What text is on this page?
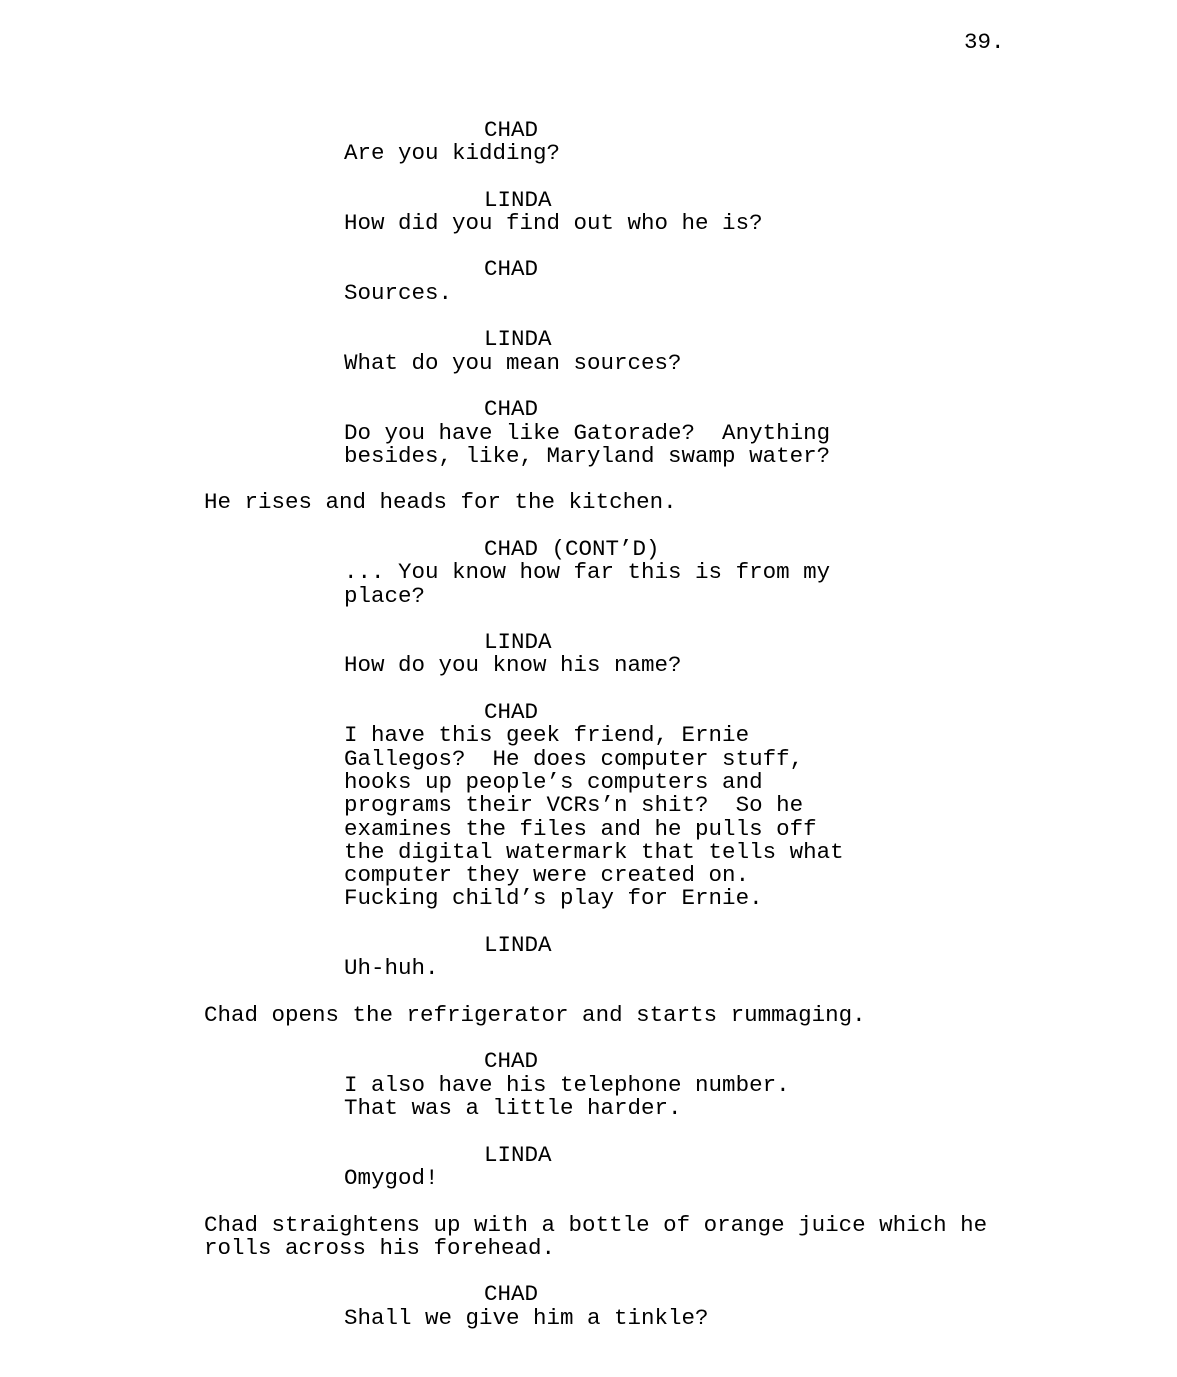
39.
CHAD
Are you kidding?
LINDA
How did you find out who he is?
CHAD
Sources.
LINDA
What do you mean sources?
CHAD
Do you have like Gatorade?  Anything
besides, like, Maryland swamp water?
He rises and heads for the kitchen.
CHAD (CONT’D)
... You know how far this is from my
place?
LINDA
How do you know his name?
CHAD
I have this geek friend, Ernie
Gallegos?  He does computer stuff,
hooks up people’s computers and
programs their VCRs’n shit?  So he
examines the files and he pulls off
the digital watermark that tells what
computer they were created on.
Fucking child’s play for Ernie.
LINDA
Uh-huh.
Chad opens the refrigerator and starts rummaging.
CHAD
I also have his telephone number.
That was a little harder.
LINDA
Omygod!
Chad straightens up with a bottle of orange juice which he
rolls across his forehead.
CHAD
Shall we give him a tinkle?
